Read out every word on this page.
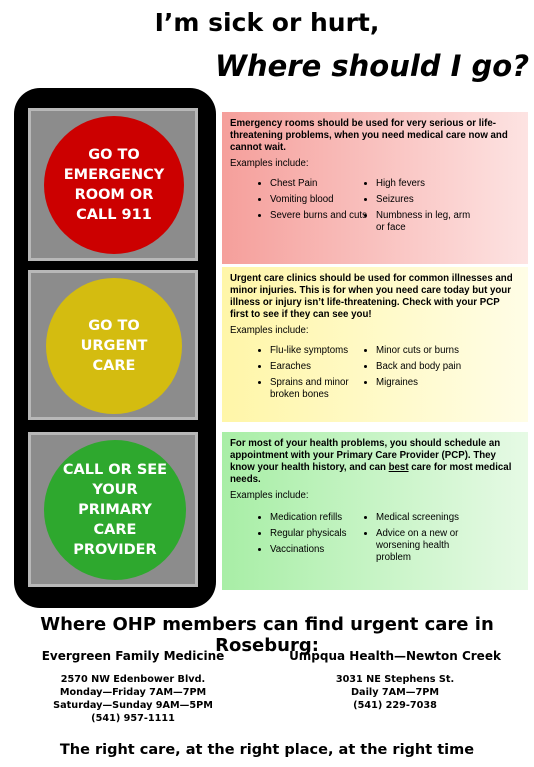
I’m sick or hurt,
Where should I go?
GO TO
EMERGENCY
ROOM OR
CALL 911
Emergency rooms should be used for very serious or life-threatening problems, when you need medical care now and cannot wait.
Examples include:
• Chest Pain
• Vomiting blood
• Severe burns and cuts
• High fevers
• Seizures
• Numbness in leg, arm or face
GO TO
URGENT
CARE
Urgent care clinics should be used for common illnesses and minor injuries. This is for when you need care today but your illness or injury isn’t life-threatening. Check with your PCP first to see if they can see you!
Examples include:
• Flu-like symptoms
• Earaches
• Sprains and minor broken bones
• Minor cuts or burns
• Back and body pain
• Migraines
CALL OR SEE
YOUR
PRIMARY
CARE
PROVIDER
For most of your health problems, you should schedule an appointment with your Primary Care Provider (PCP). They know your health history, and can best care for most medical needs.
Examples include:
• Medication refills
• Regular physicals
• Vaccinations
• Medical screenings
• Advice on a new or worsening health problem
Where OHP members can find urgent care in Roseburg:
Evergreen Family Medicine
2570 NW Edenbower Blvd.
Monday—Friday 7AM—7PM
Saturday—Sunday 9AM—5PM
(541) 957-1111
Umpqua Health—Newton Creek
3031 NE Stephens St.
Daily 7AM—7PM
(541) 229-7038
The right care, at the right place, at the right time
